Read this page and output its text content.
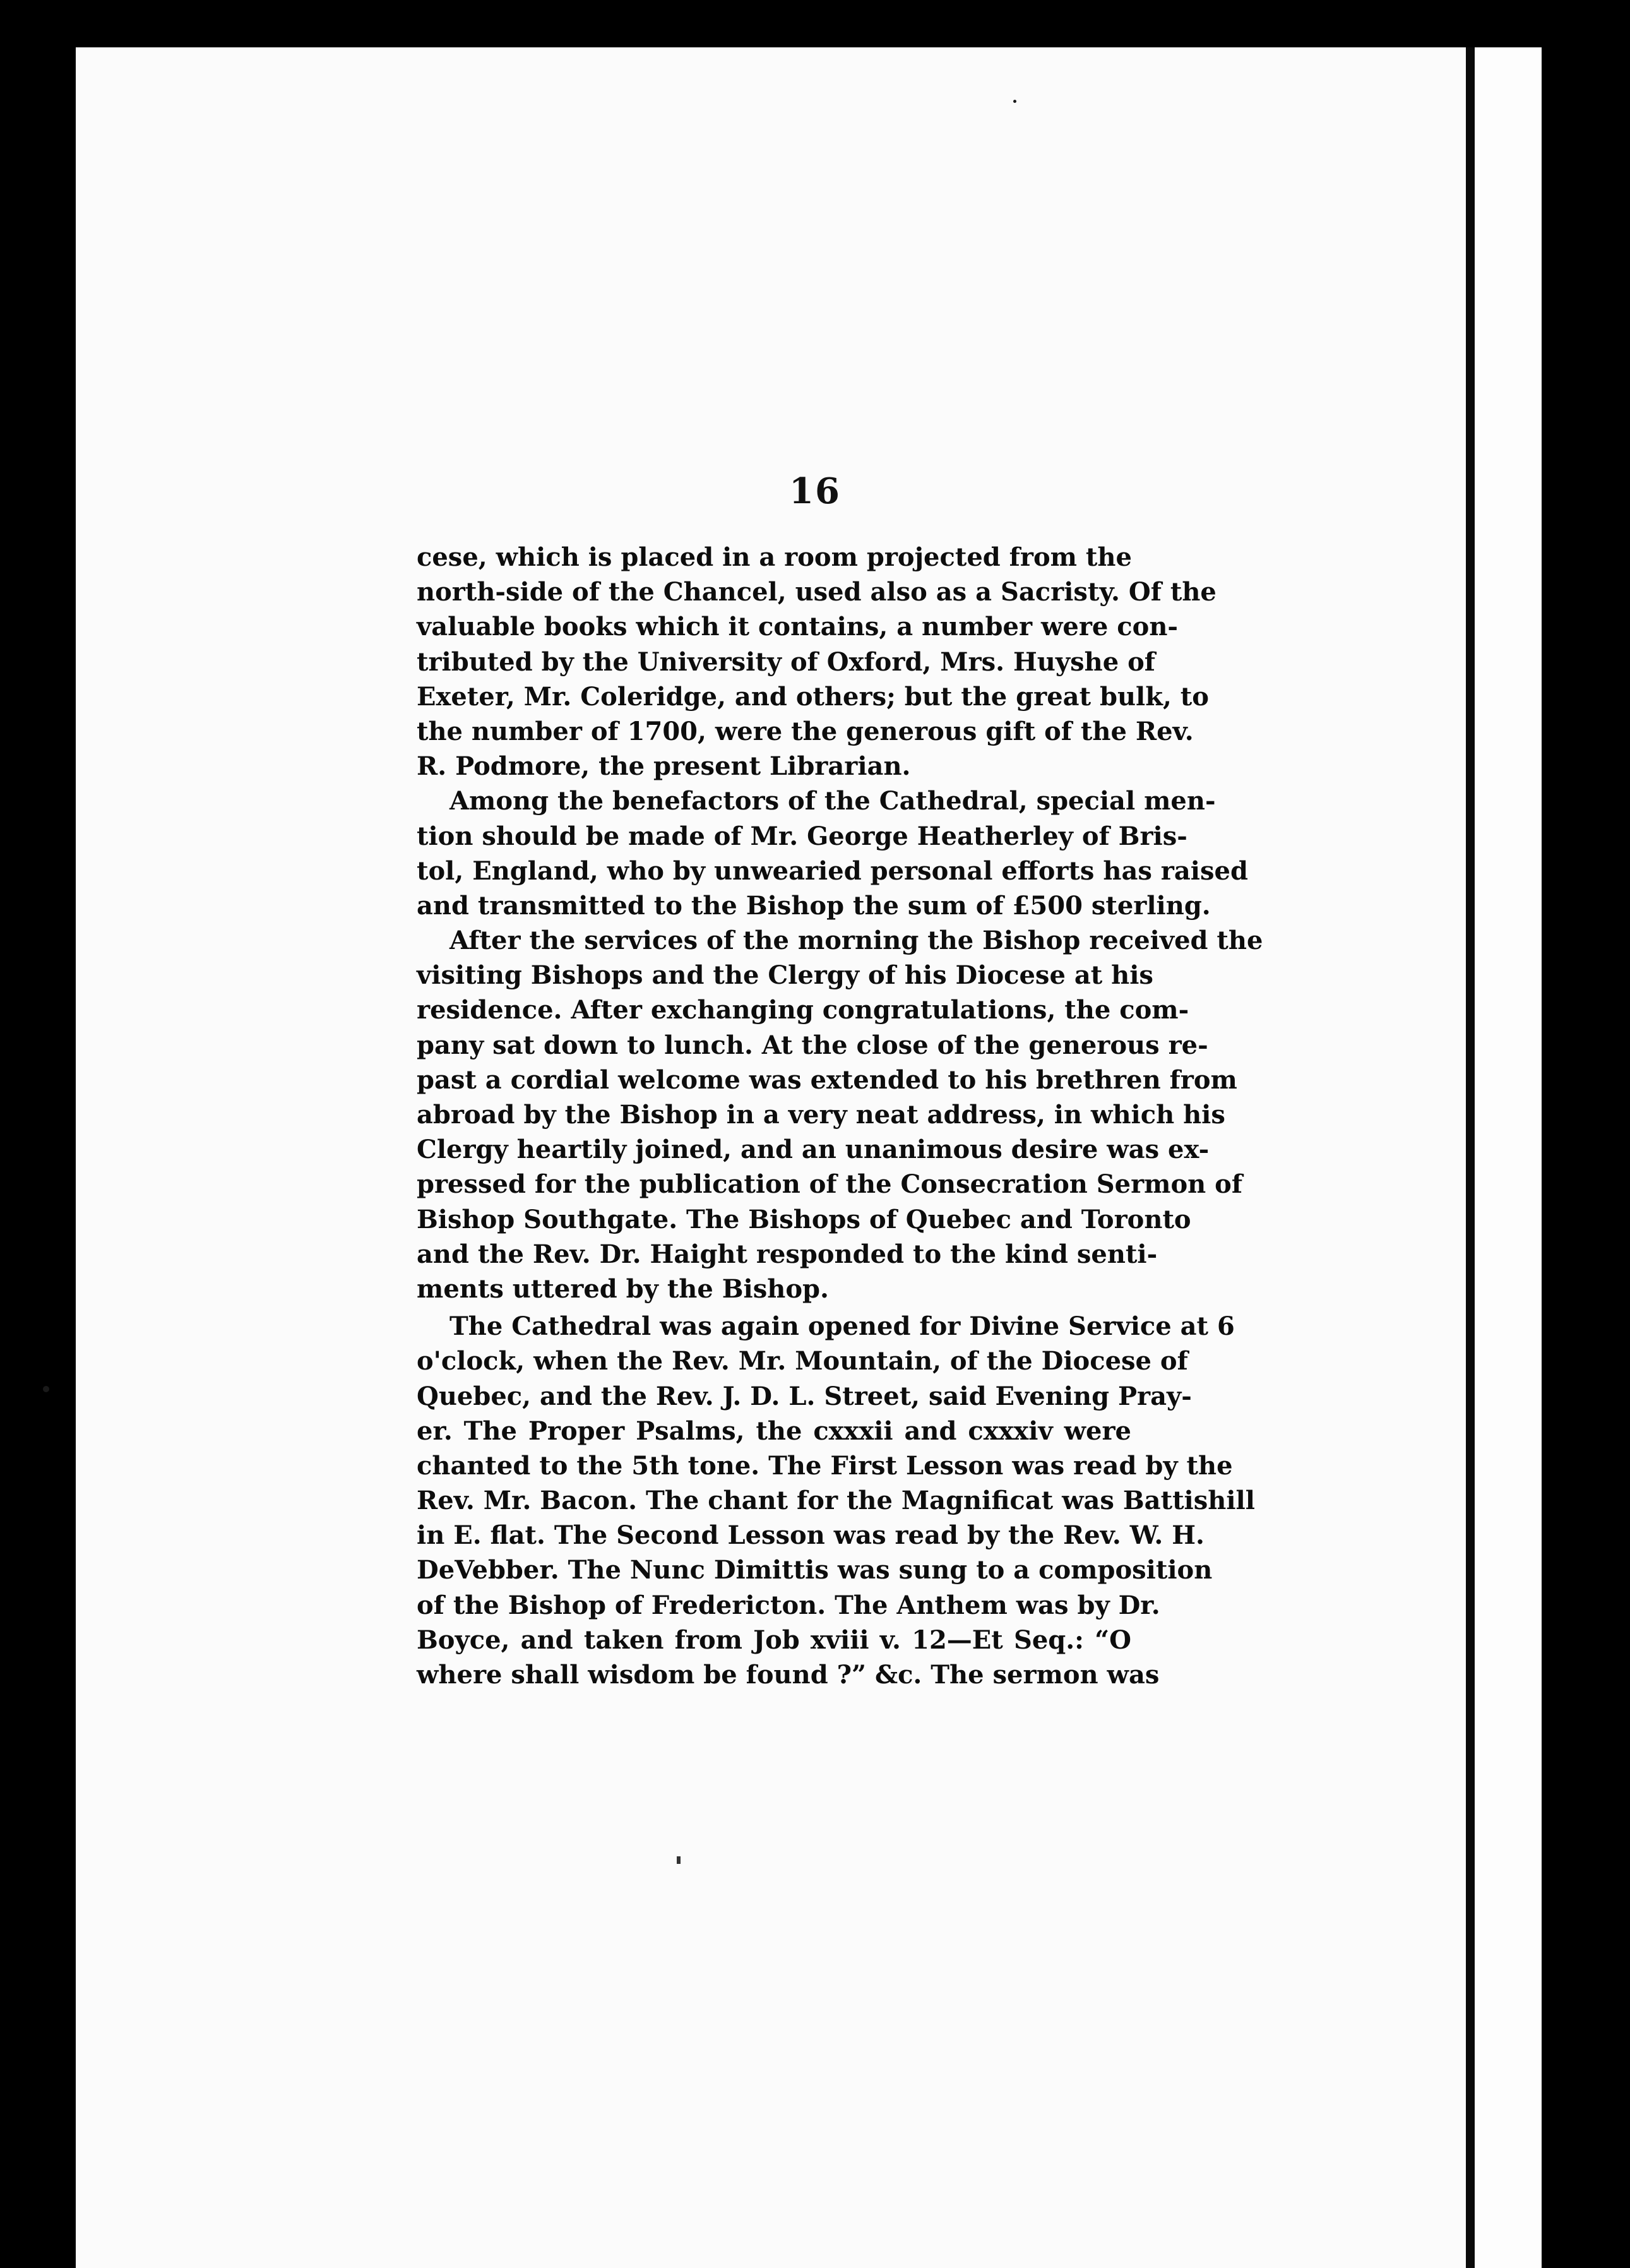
16
cese, which is placed in a room projected from the
north-side of the Chancel, used also as a Sacristy. Of the
valuable books which it contains, a number were con-
tributed by the University of Oxford, Mrs. Huyshe of
Exeter, Mr. Coleridge, and others; but the great bulk, to
the number of 1700, were the generous gift of the Rev.
R. Podmore, the present Librarian.
Among the benefactors of the Cathedral, special men-
tion should be made of Mr. George Heatherley of Bris-
tol, England, who by unwearied personal efforts has raised
and transmitted to the Bishop the sum of £500 sterling.
After the services of the morning the Bishop received the
visiting Bishops and the Clergy of his Diocese at his
residence. After exchanging congratulations, the com-
pany sat down to lunch. At the close of the generous re-
past a cordial welcome was extended to his brethren from
abroad by the Bishop in a very neat address, in which his
Clergy heartily joined, and an unanimous desire was ex-
pressed for the publication of the Consecration Sermon of
Bishop Southgate. The Bishops of Quebec and Toronto
and the Rev. Dr. Haight responded to the kind senti-
ments uttered by the Bishop.
The Cathedral was again opened for Divine Service at 6
o'clock, when the Rev. Mr. Mountain, of the Diocese of
Quebec, and the Rev. J. D. L. Street, said Evening Pray-
er. The Proper Psalms, the cxxxii and cxxxiv were
chanted to the 5th tone. The First Lesson was read by the
Rev. Mr. Bacon. The chant for the Magnificat was Battishill
in E. flat. The Second Lesson was read by the Rev. W. H.
DeVebber. The Nunc Dimittis was sung to a composition
of the Bishop of Fredericton. The Anthem was by Dr.
Boyce, and taken from Job xviii v. 12—Et Seq.: “O
where shall wisdom be found ?” &c. The sermon was
